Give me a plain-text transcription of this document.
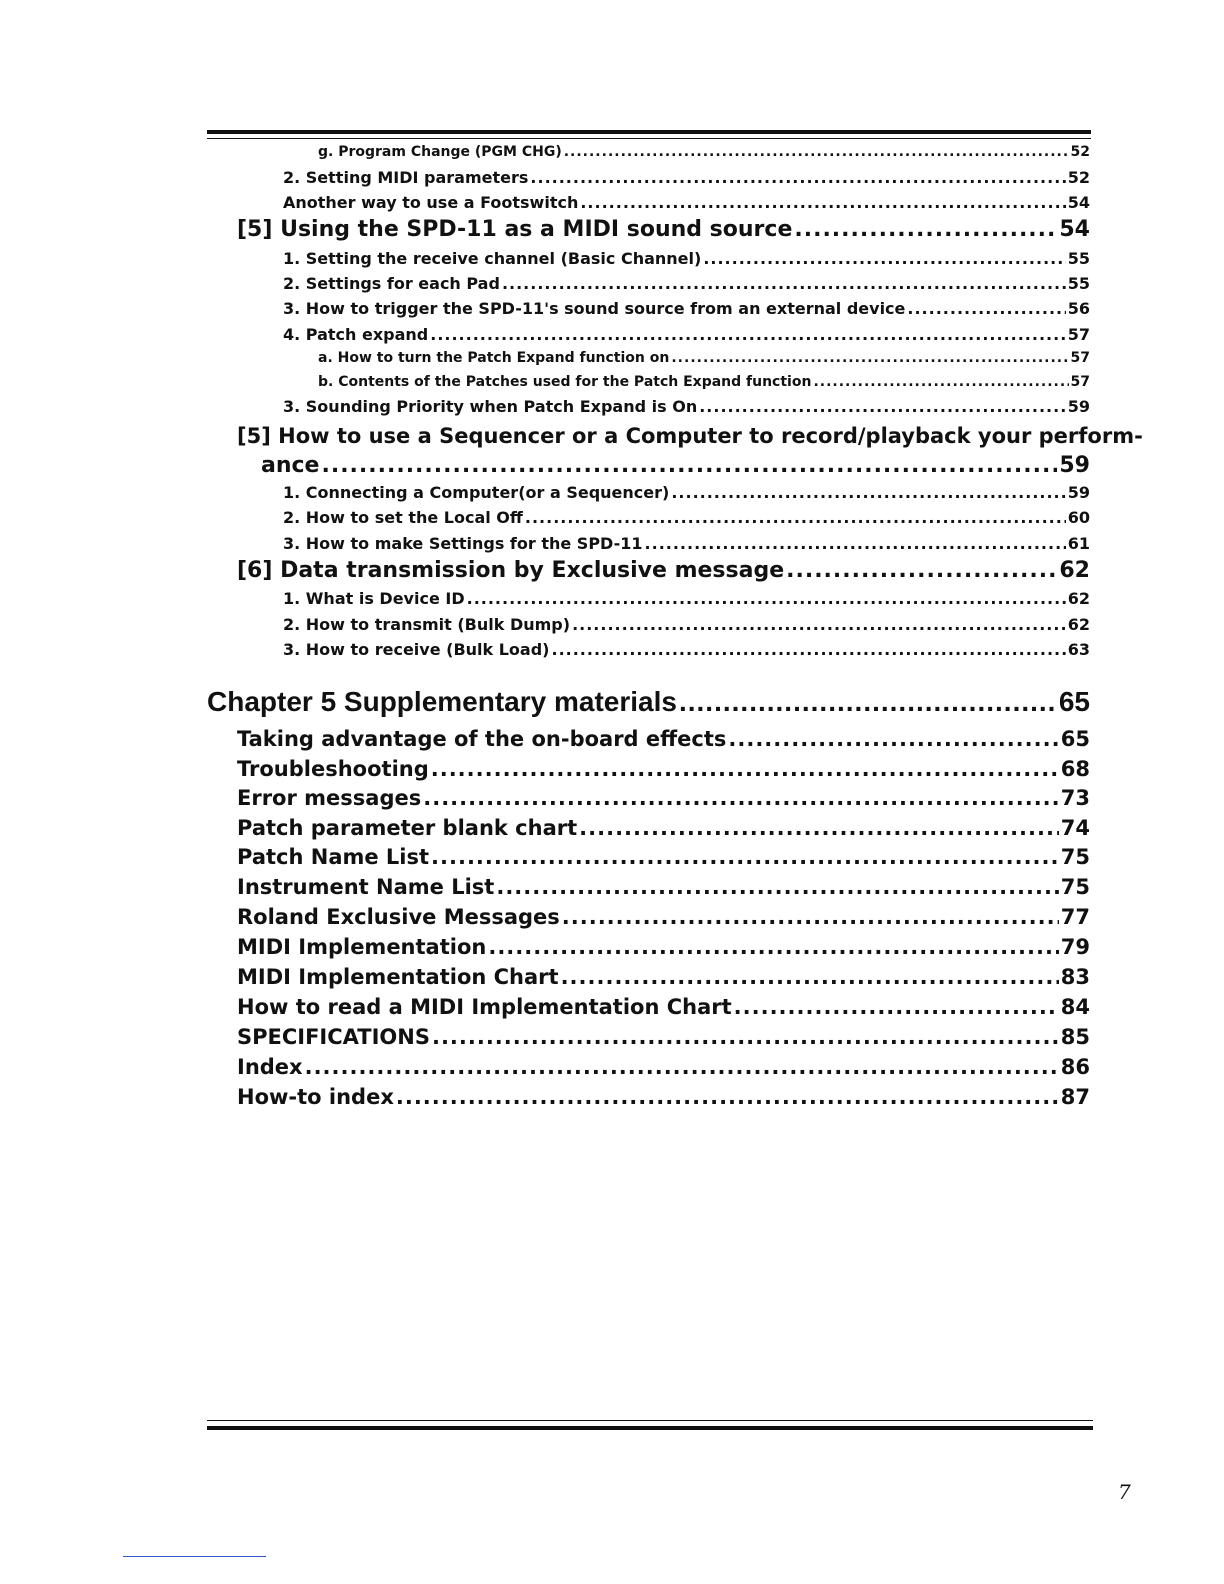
g. Program Change (PGM CHG) .....	52
2. Setting MIDI parameters .....	52
Another way to use a Footswitch .....	54
[5] Using the SPD-11 as a MIDI sound source .....	54
1. Setting the receive channel (Basic Channel) .....	55
2. Settings for each Pad .....	55
3. How to trigger the SPD-11's sound source from an external device .....	56
4. Patch expand .....	57
a. How to turn the Patch Expand function on .....	57
b. Contents of the Patches used for the Patch Expand function .....	57
3. Sounding Priority when Patch Expand is On .....	59
[5] How to use a Sequencer or a Computer to record/playback your perform-
ance .....	59
1. Connecting a Computer(or a Sequencer) .....	59
2. How to set the Local Off .....	60
3. How to make Settings for the SPD-11 .....	61
[6] Data transmission by Exclusive message .....	62
1. What is Device ID .....	62
2. How to transmit (Bulk Dump) .....	62
3. How to receive (Bulk Load) .....	63
Chapter 5 Supplementary materials .....	65
Taking advantage of the on-board effects .....	65
Troubleshooting .....	68
Error messages .....	73
Patch parameter blank chart .....	74
Patch Name List .....	75
Instrument Name List .....	75
Roland Exclusive Messages .....	77
MIDI Implementation .....	79
MIDI Implementation Chart .....	83
How to read a MIDI Implementation Chart .....	84
SPECIFICATIONS .....	85
Index .....	86
How-to index .....	87
7
